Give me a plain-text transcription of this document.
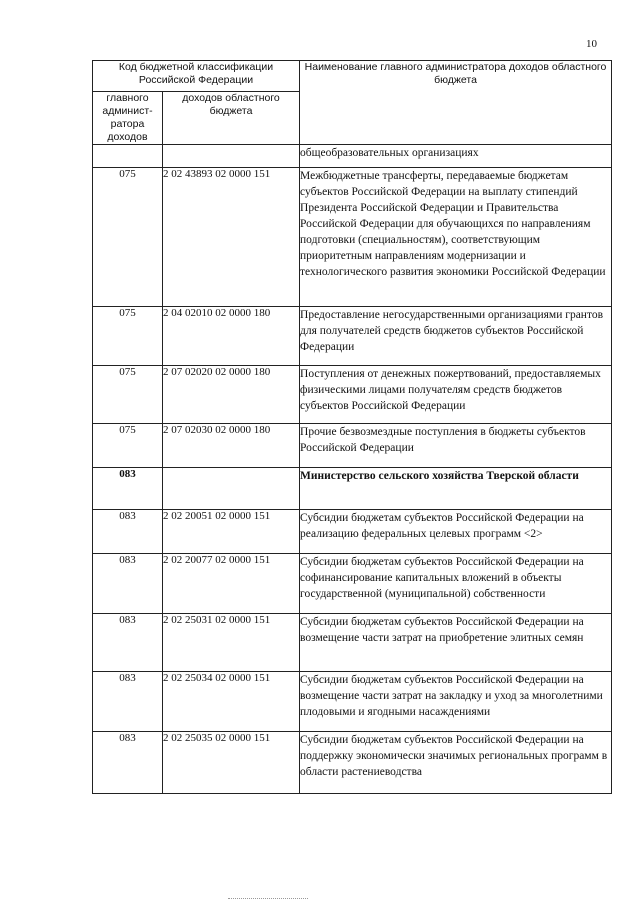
10
Код бюджетной классификации Российской Федерации		Наименование главного администратора доходов областного бюджета
главного админист-ратора доходов	доходов областного бюджета	
		общеобразовательных организациях
075	2 02 43893 02 0000 151	Межбюджетные трансферты, передаваемые бюджетам субъектов Российской Федерации на выплату стипендий Президента Российской Федерации и Правительства Российской Федерации для обучающихся по направлениям подготовки (специальностям), соответствующим приоритетным направлениям модернизации и технологического развития экономики Российской Федерации
075	2 04 02010 02 0000 180	Предоставление негосударственными организациями грантов для получателей средств бюджетов субъектов Российской Федерации
075	2 07 02020 02 0000 180	Поступления от денежных пожертвований, предоставляемых физическими лицами получателям средств бюджетов субъектов Российской Федерации
075	2 07 02030 02 0000 180	Прочие безвозмездные поступления в бюджеты субъектов Российской Федерации
083		Министерство сельского хозяйства Тверской области
083	2 02 20051 02 0000 151	Субсидии бюджетам субъектов Российской Федерации на реализацию федеральных целевых программ <2>
083	2 02 20077 02 0000 151	Субсидии бюджетам субъектов Российской Федерации на софинансирование капитальных вложений в объекты государственной (муниципальной) собственности
083	2 02 25031 02 0000 151	Субсидии бюджетам субъектов Российской Федерации на возмещение части затрат на приобретение элитных семян
083	2 02 25034 02 0000 151	Субсидии бюджетам субъектов Российской Федерации на возмещение части затрат на закладку и уход за многолетними плодовыми и ягодными насаждениями
083	2 02 25035 02 0000 151	Субсидии бюджетам субъектов Российской Федерации на поддержку экономически значимых региональных программ в области растениеводства
